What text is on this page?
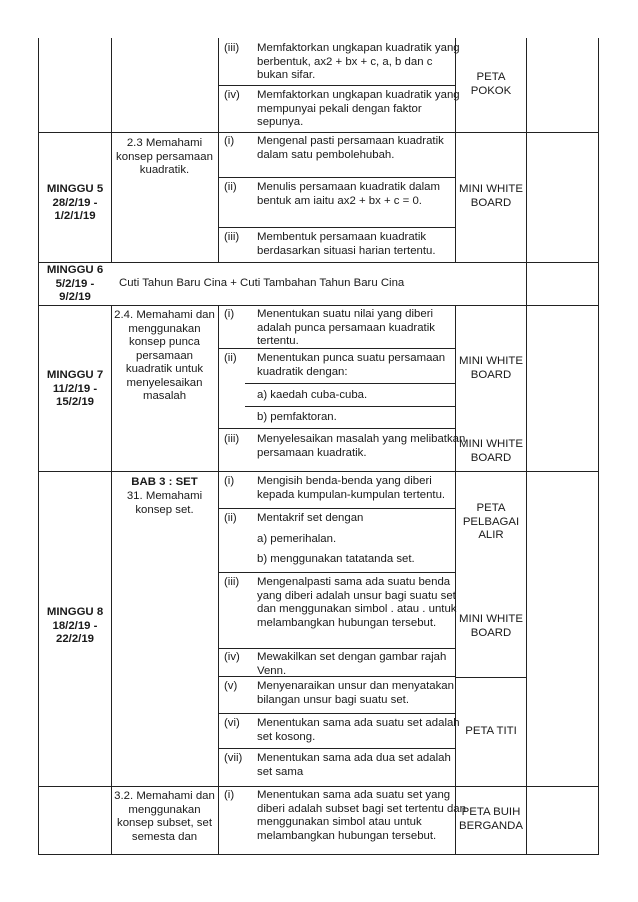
(iii) Memfaktorkan ungkapan kuadratik yang
berbentuk, ax2 + bx + c, a, b dan c
bukan sifar.
(iv) Memfaktorkan ungkapan kuadratik yang
mempunyai pekali dengan faktor
sepunya.
PETA
POKOK
MINGGU 5
28/2/19 -
1/2/1/19
2.3 Memahami
konsep persamaan
kuadratik.
(i) Mengenal pasti persamaan kuadratik
dalam satu pembolehubah.
(ii) Menulis persamaan kuadratik dalam
bentuk am iaitu ax2 + bx + c = 0.
(iii) Membentuk persamaan kuadratik
berdasarkan situasi harian tertentu.
MINI WHITE
BOARD
MINGGU 6
5/2/19 -
9/2/19
Cuti Tahun Baru Cina + Cuti Tambahan Tahun Baru Cina
MINGGU 7
11/2/19 -
15/2/19
2.4. Memahami dan
menggunakan
konsep punca
persamaan
kuadratik untuk
menyelesaikan
masalah
(i) Menentukan suatu nilai yang diberi
adalah punca persamaan kuadratik
tertentu.
(ii) Menentukan punca suatu persamaan
kuadratik dengan:
a) kaedah cuba-cuba.
b) pemfaktoran.
(iii) Menyelesaikan masalah yang melibatkan
persamaan kuadratik.
MINI WHITE
BOARD
MINI WHITE
BOARD
MINGGU 8
18/2/19 -
22/2/19
BAB 3 : SET
31. Memahami
konsep set.
(i) Mengisih benda-benda yang diberi
kepada kumpulan-kumpulan tertentu.
(ii) Mentakrif set dengan
a) pemerihalan.
b) menggunakan tatatanda set.
(iii) Mengenalpasti sama ada suatu benda
yang diberi adalah unsur bagi suatu set
dan menggunakan simbol . atau . untuk
melambangkan hubungan tersebut.
(iv) Mewakilkan set dengan gambar rajah
Venn.
(v) Menyenaraikan unsur dan menyatakan
bilangan unsur bagi suatu set.
(vi) Menentukan sama ada suatu set adalah
set kosong.
(vii) Menentukan sama ada dua set adalah
set sama
PETA
PELBAGAI
ALIR
MINI WHITE
BOARD
PETA TITI
3.2. Memahami dan
menggunakan
konsep subset, set
semesta dan
(i) Menentukan sama ada suatu set yang
diberi adalah subset bagi set tertentu dan
menggunakan simbol atau untuk
melambangkan hubungan tersebut.
PETA BUIH
BERGANDA
